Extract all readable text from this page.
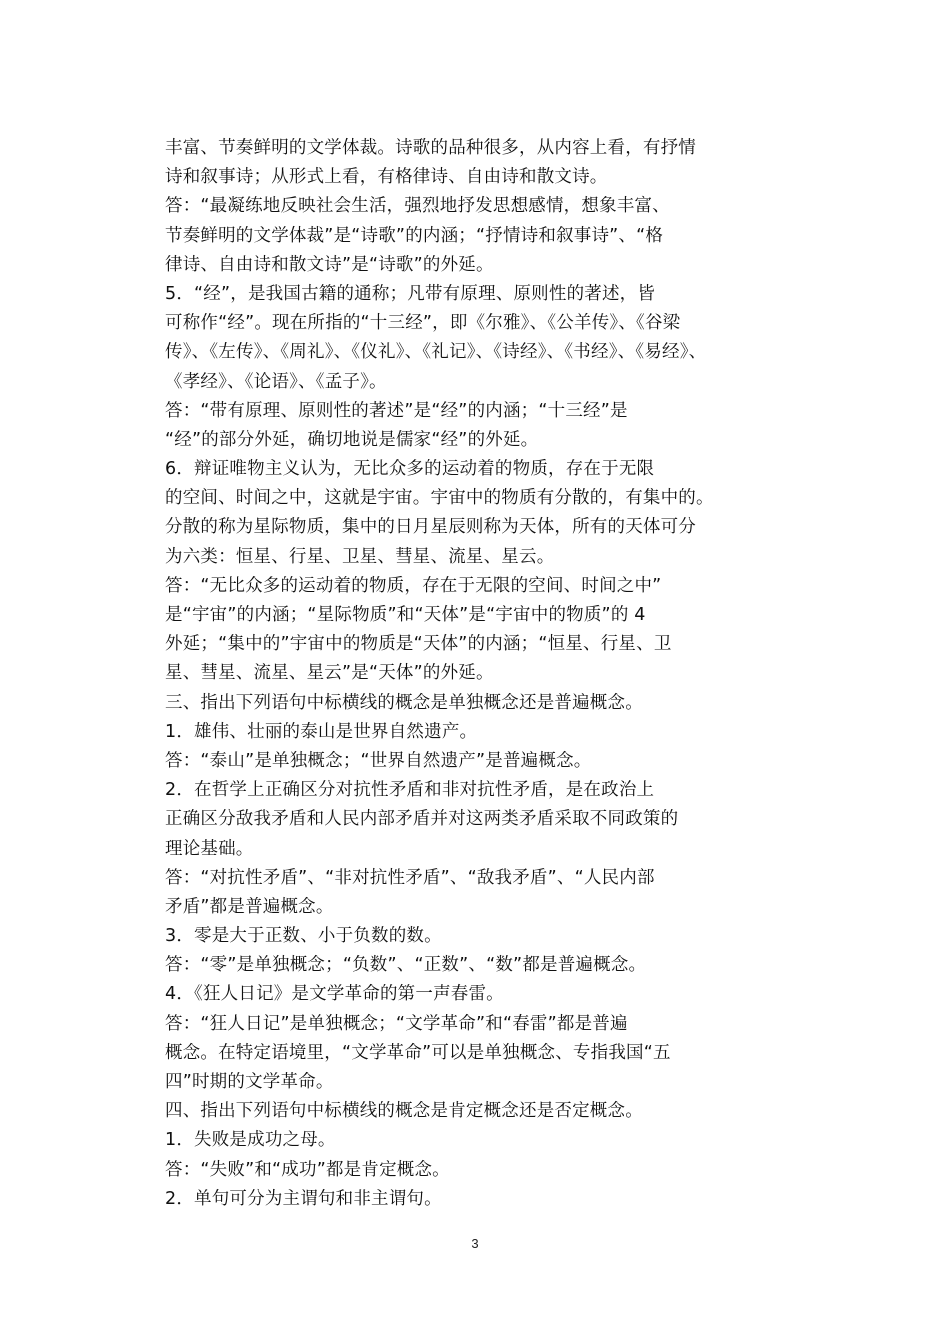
丰富、节奏鲜明的文学体裁。诗歌的品种很多，从内容上看，有抒情
诗和叙事诗；从形式上看，有格律诗、自由诗和散文诗。
答：“最凝练地反映社会生活，强烈地抒发思想感情，想象丰富、
节奏鲜明的文学体裁”是“诗歌”的内涵；“抒情诗和叙事诗”、“格
律诗、自由诗和散文诗”是“诗歌”的外延。
5．“经”，是我国古籍的通称；凡带有原理、原则性的著述，皆
可称作“经”。现在所指的“十三经”，即《尔雅》、《公羊传》、《谷梁
传》、《左传》、《周礼》、《仪礼》、《礼记》、《诗经》、《书经》、《易经》、
《孝经》、《论语》、《孟子》。
答：“带有原理、原则性的著述”是“经”的内涵；“十三经”是
“经”的部分外延，确切地说是儒家“经”的外延。
6．辩证唯物主义认为，无比众多的运动着的物质，存在于无限
的空间、时间之中，这就是宇宙。宇宙中的物质有分散的，有集中的。
分散的称为星际物质，集中的日月星辰则称为天体，所有的天体可分
为六类：恒星、行星、卫星、彗星、流星、星云。
答：“无比众多的运动着的物质，存在于无限的空间、时间之中”
是“宇宙”的内涵；“星际物质”和“天体”是“宇宙中的物质”的 4
外延；“集中的”宇宙中的物质是“天体”的内涵；“恒星、行星、卫
星、彗星、流星、星云”是“天体”的外延。
三、指出下列语句中标横线的概念是单独概念还是普遍概念。
1．雄伟、壮丽的泰山是世界自然遗产。
答：“泰山”是单独概念；“世界自然遗产”是普遍概念。
2．在哲学上正确区分对抗性矛盾和非对抗性矛盾，是在政治上
正确区分敌我矛盾和人民内部矛盾并对这两类矛盾采取不同政策的
理论基础。
答：“对抗性矛盾”、“非对抗性矛盾”、“敌我矛盾”、“人民内部
矛盾”都是普遍概念。
3．零是大于正数、小于负数的数。
答：“零”是单独概念；“负数”、“正数”、“数”都是普遍概念。
4．《狂人日记》是文学革命的第一声春雷。
答：“狂人日记”是单独概念；“文学革命”和“春雷”都是普遍
概念。在特定语境里，“文学革命”可以是单独概念、专指我国“五
四”时期的文学革命。
四、指出下列语句中标横线的概念是肯定概念还是否定概念。
1．失败是成功之母。
答：“失败”和“成功”都是肯定概念。
2．单句可分为主谓句和非主谓句。
3
